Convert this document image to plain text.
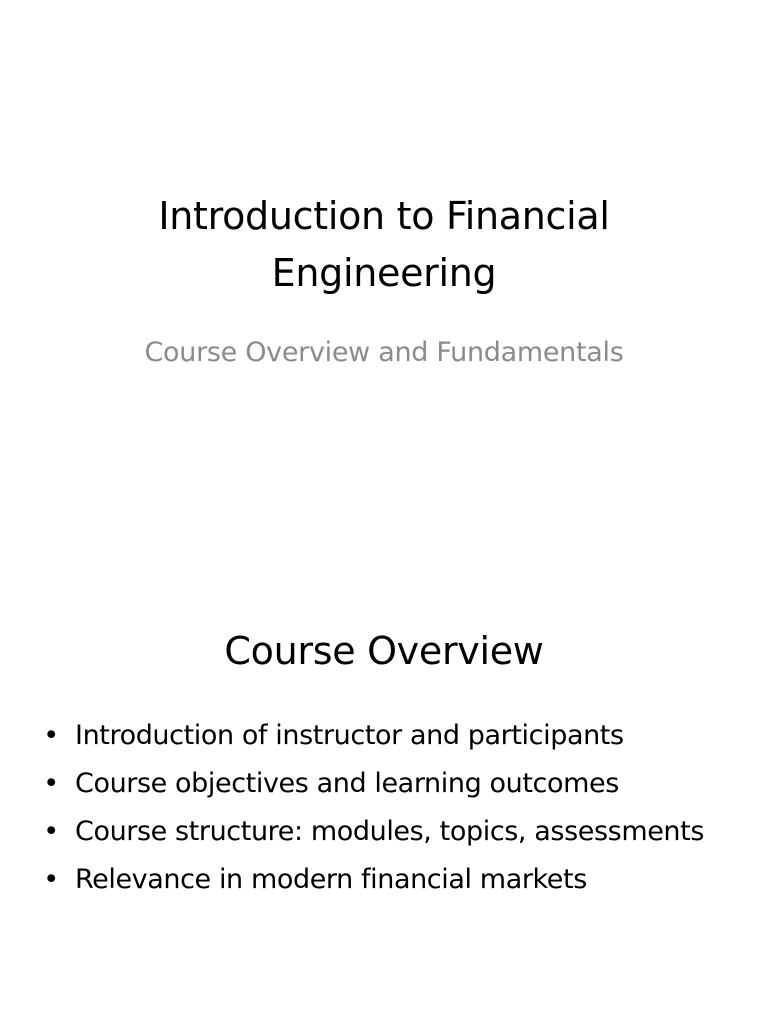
Introduction to Financial Engineering
Course Overview and Fundamentals
Course Overview
• Introduction of instructor and participants
• Course objectives and learning outcomes
• Course structure: modules, topics, assessments
• Relevance in modern financial markets
